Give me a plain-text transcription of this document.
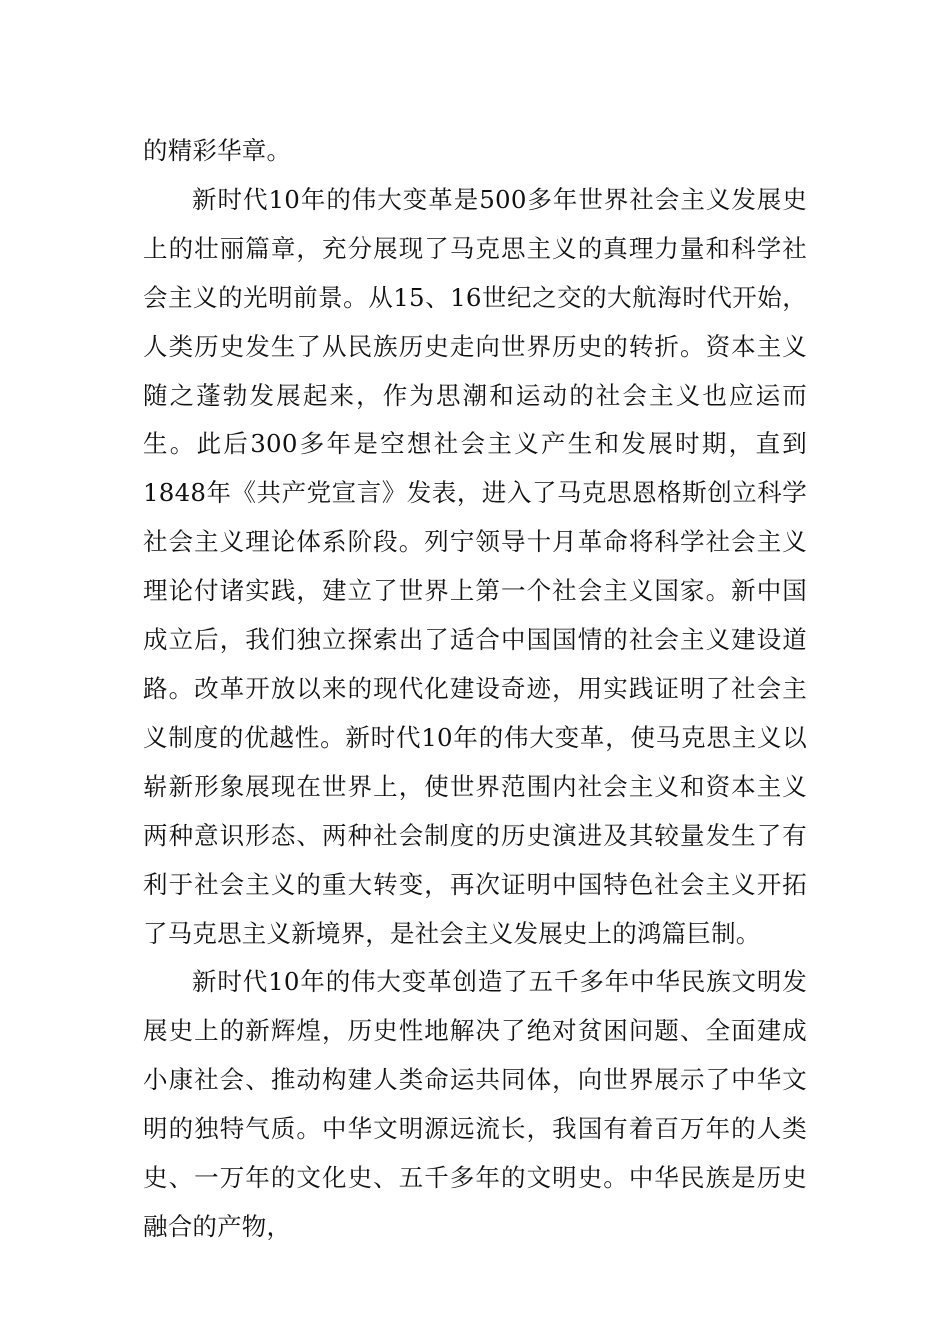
的精彩华章。

新时代10年的伟大变革是500多年世界社会主义发展史上的壮丽篇章，充分展现了马克思主义的真理力量和科学社会主义的光明前景。从15、16世纪之交的大航海时代开始，人类历史发生了从民族历史走向世界历史的转折。资本主义随之蓬勃发展起来，作为思潮和运动的社会主义也应运而生。此后300多年是空想社会主义产生和发展时期，直到1848年《共产党宣言》发表，进入了马克思恩格斯创立科学社会主义理论体系阶段。列宁领导十月革命将科学社会主义理论付诸实践，建立了世界上第一个社会主义国家。新中国成立后，我们独立探索出了适合中国国情的社会主义建设道路。改革开放以来的现代化建设奇迹，用实践证明了社会主义制度的优越性。新时代10年的伟大变革，使马克思主义以崭新形象展现在世界上，使世界范围内社会主义和资本主义两种意识形态、两种社会制度的历史演进及其较量发生了有利于社会主义的重大转变，再次证明中国特色社会主义开拓了马克思主义新境界，是社会主义发展史上的鸿篇巨制。

新时代10年的伟大变革创造了五千多年中华民族文明发展史上的新辉煌，历史性地解决了绝对贫困问题、全面建成小康社会、推动构建人类命运共同体，向世界展示了中华文明的独特气质。中华文明源远流长，我国有着百万年的人类史、一万年的文化史、五千多年的文明史。中华民族是历史融合的产物，
